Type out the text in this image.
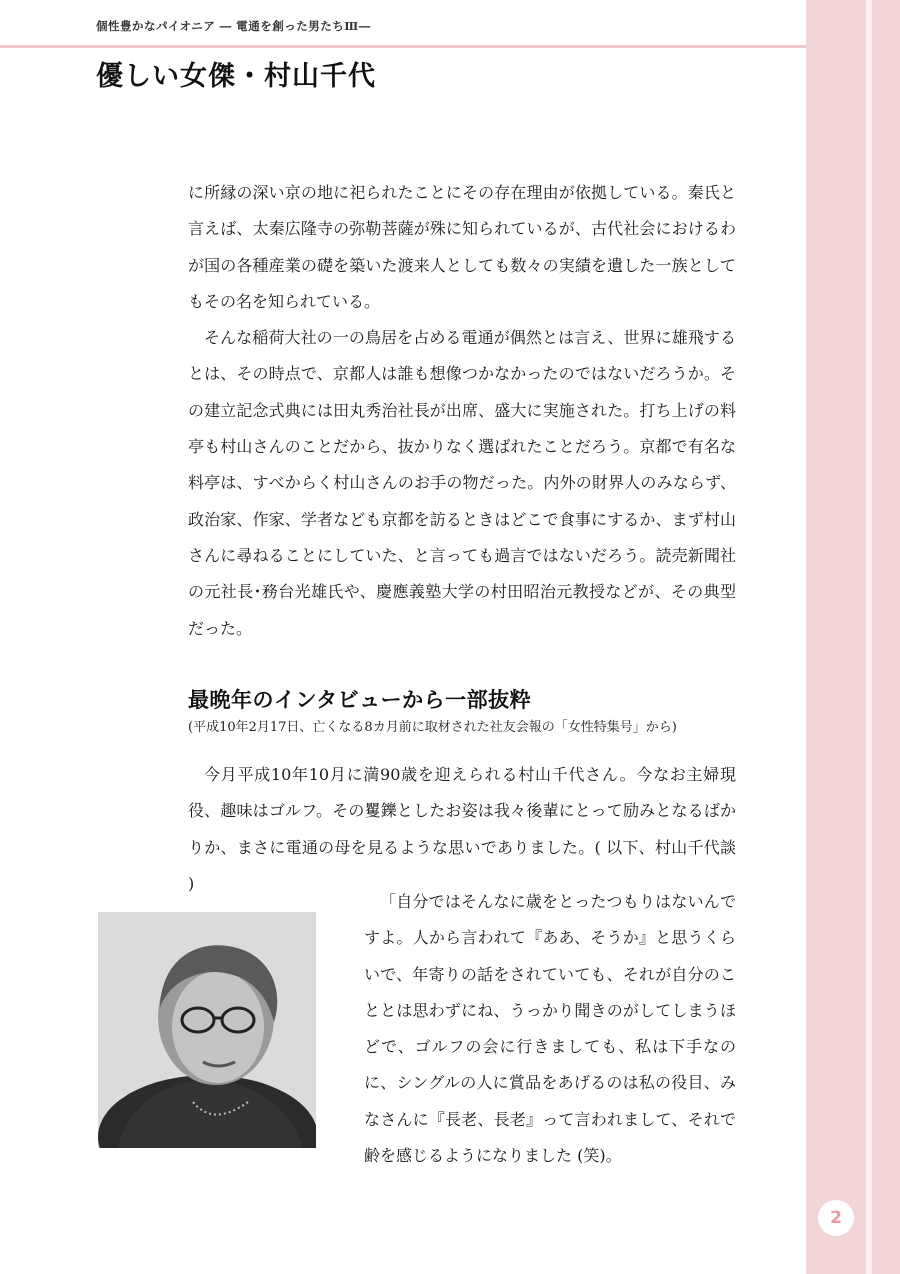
2
個性豊かなパイオニア ― 電通を創った男たちⅢ―
優しい女傑・村山千代

に所縁の深い京の地に祀られたことにその存在理由が依拠している。秦氏と言えば、太秦広隆寺の弥勒菩薩が殊に知られているが、古代社会におけるわが国の各種産業の礎を築いた渡来人としても数々の実績を遺した一族としてもその名を知られている。

そんな稲荷大社の一の鳥居を占める電通が偶然とは言え、世界に雄飛するとは、その時点で、京都人は誰も想像つかなかったのではないだろうか。その建立記念式典には田丸秀治社長が出席、盛大に実施された。打ち上げの料亭も村山さんのことだから、抜かりなく選ばれたことだろう。京都で有名な料亭は、すべからく村山さんのお手の物だった。内外の財界人のみならず、政治家、作家、学者なども京都を訪るときはどこで食事にするか、まず村山さんに尋ねることにしていた、と言っても過言ではないだろう。読売新聞社の元社長･務台光雄氏や、慶應義塾大学の村田昭治元教授などが、その典型だった。

最晩年のインタビューから一部抜粋
(平成10年2月17日、亡くなる8カ月前に取材された社友会報の「女性特集号」から)

今月平成10年10月に満90歳を迎えられる村山千代さん。今なお主婦現役、趣味はゴルフ。その矍鑠としたお姿は我々後輩にとって励みとなるばかりか、まさに電通の母を見るような思いでありました。( 以下、村山千代談 )

「自分ではそんなに歳をとったつもりはないんですよ。人から言われて『ああ、そうか』と思うくらいで、年寄りの話をされていても、それが自分のこととは思わずにね、うっかり聞きのがしてしまうほどで、ゴルフの会に行きましても、私は下手なのに、シングルの人に賞品をあげるのは私の役目、みなさんに『長老、長老』って言われまして、それで齢を感じるようになりました (笑)。
